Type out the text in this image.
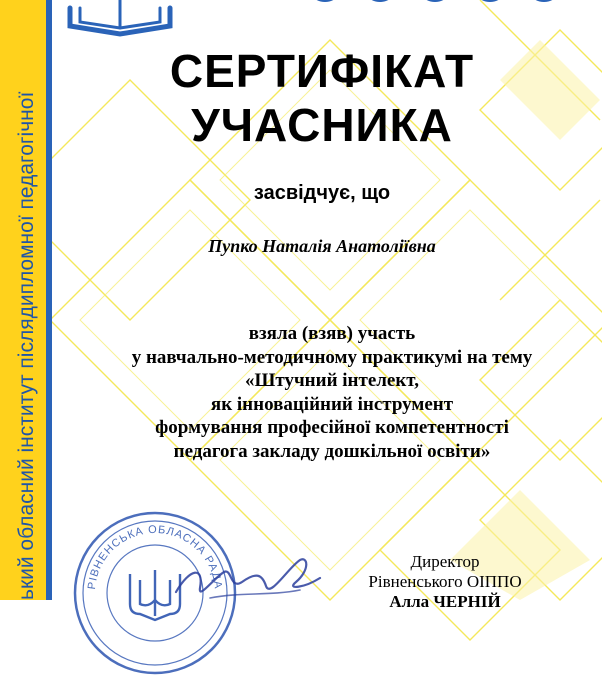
ький обласний інститут післядипломної педагогічної
СЕРТИФІКАТ
УЧАСНИКА
засвідчує, що
Пупко Наталія Анатоліївна
взяла (взяв) участь
у навчально-методичному практикумі на тему
«Штучний інтелект,
як інноваційний інструмент
формування професійної компетентності
педагога закладу дошкільної освіти»
РІВНЕНСЬКА ОБЛАСНА РАДА
Директор
Рівненського ОІППО
Алла ЧЕРНІЙ
